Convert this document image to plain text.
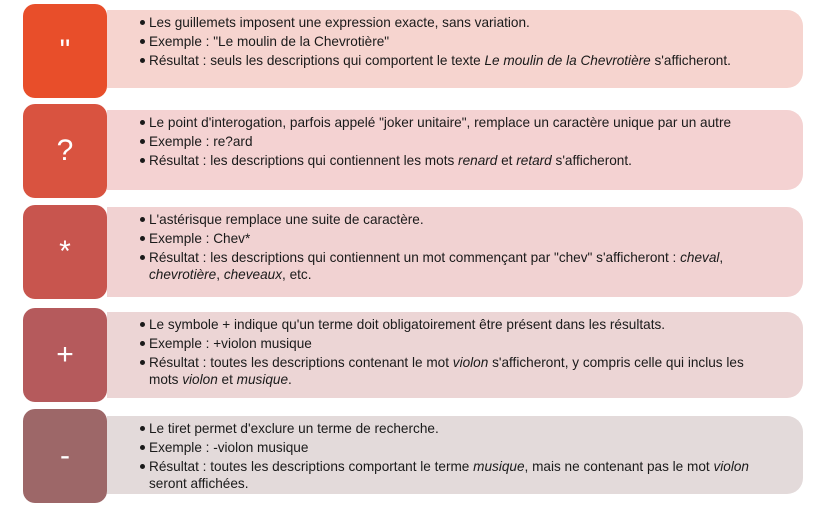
Les guillemets imposent une expression exacte, sans variation.
Exemple : "Le moulin de la Chevrotière"
Résultat : seuls les descriptions qui comportent le texte Le moulin de la Chevrotière s'afficheront.
"
Le point d'interogation, parfois appelé "joker unitaire", remplace un caractère unique par un autre
Exemple : re?ard
Résultat : les descriptions qui contiennent les mots renard et retard s'afficheront.
?
L'astérisque remplace une suite de caractère.
Exemple : Chev*
Résultat : les descriptions qui contiennent un mot commençant par "chev" s'afficheront : cheval, chevrotière, cheveaux, etc.
*
Le symbole + indique qu'un terme doit obligatoirement être présent dans les résultats.
Exemple : +violon musique
Résultat : toutes les descriptions contenant le mot violon s'afficheront, y compris celle qui inclus les mots violon et musique.
+
Le tiret permet d'exclure un terme de recherche.
Exemple : -violon musique
Résultat : toutes les descriptions comportant le terme musique, mais ne contenant pas le mot violon seront affichées.
-
